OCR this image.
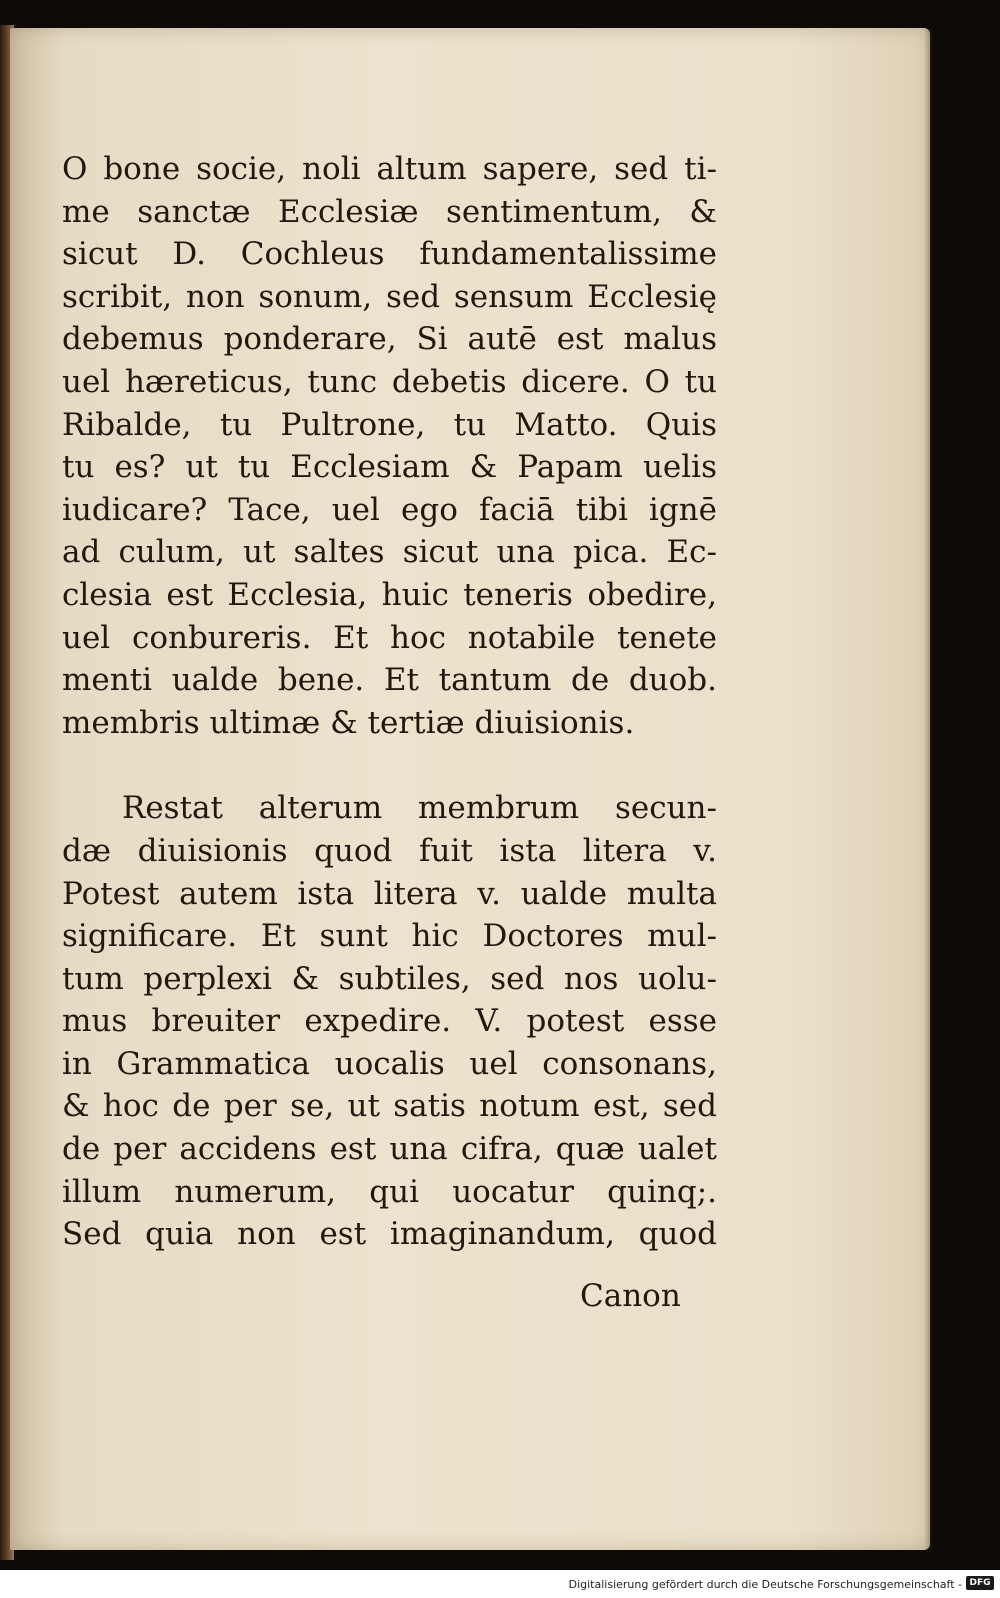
O bone socie, noli altum sapere, sed ti-
me sanctæ Ecclesiæ sentimentum, &
sicut D. Cochleus fundamentalissime
scribit, non sonum, sed sensum Ecclesię
debemus ponderare, Si autē est malus
uel hæreticus, tunc debetis dicere. O tu
Ribalde, tu Pultrone, tu Matto. Quis
tu es? ut tu Ecclesiam & Papam uelis
iudicare? Tace, uel ego faciā tibi ignē
ad culum, ut saltes sicut una pica. Ec-
clesia est Ecclesia, huic teneris obedire,
uel conbureris. Et hoc notabile tenete
menti ualde bene. Et tantum de duob.
membris ultimæ & tertiæ diuisionis.

Restat alterum membrum secun-
dæ diuisionis quod fuit ista litera v.
Potest autem ista litera v. ualde multa
significare. Et sunt hic Doctores mul-
tum perplexi & subtiles, sed nos uolu-
mus breuiter expedire. V. potest esse
in Grammatica uocalis uel consonans,
& hoc de per se, ut satis notum est, sed
de per accidens est una cifra, quæ ualet
illum numerum, qui uocatur quinq;.
Sed quia non est imaginandum, quod

Canon
Digitalisierung gefördert durch die Deutsche Forschungsgemeinschaft - DFG
